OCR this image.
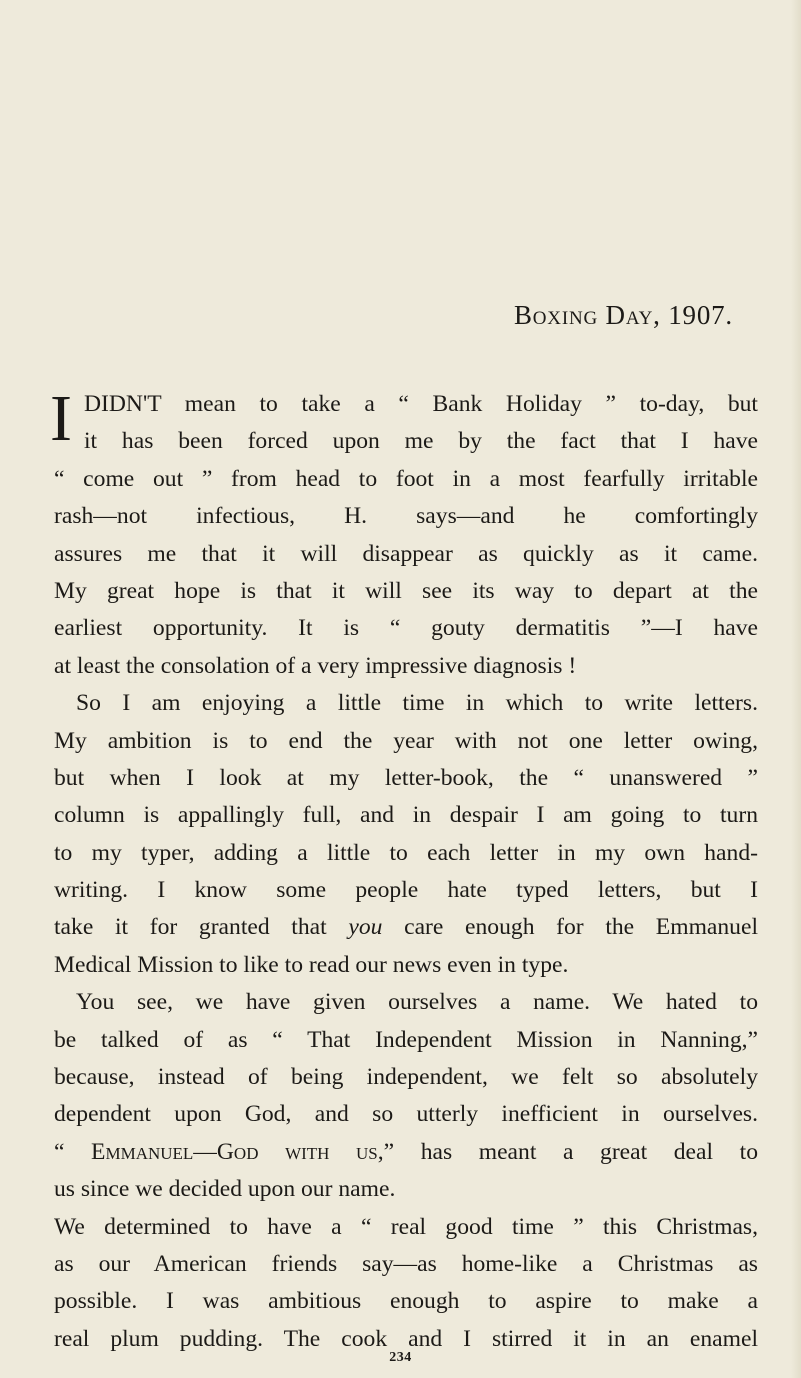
Boxing Day, 1907.
I DIDN'T mean to take a “ Bank Holiday ” to-day, but
it has been forced upon me by the fact that I have
“ come out ” from head to foot in a most fearfully irritable
rash—not infectious, H. says—and he comfortingly
assures me that it will disappear as quickly as it came.
My great hope is that it will see its way to depart at the
earliest opportunity. It is “ gouty dermatitis ”—I have
at least the consolation of a very impressive diagnosis !
So I am enjoying a little time in which to write letters.
My ambition is to end the year with not one letter owing,
but when I look at my letter-book, the “ unanswered ”
column is appallingly full, and in despair I am going to turn
to my typer, adding a little to each letter in my own hand-
writing. I know some people hate typed letters, but I
take it for granted that you care enough for the Emmanuel
Medical Mission to like to read our news even in type.
You see, we have given ourselves a name. We hated to
be talked of as “ That Independent Mission in Nanning,”
because, instead of being independent, we felt so absolutely
dependent upon God, and so utterly inefficient in ourselves.
“ Emmanuel—God with us,” has meant a great deal to
us since we decided upon our name.
We determined to have a “ real good time ” this Christmas,
as our American friends say—as home-like a Christmas as
possible. I was ambitious enough to aspire to make a
real plum pudding. The cook and I stirred it in an enamel
234
